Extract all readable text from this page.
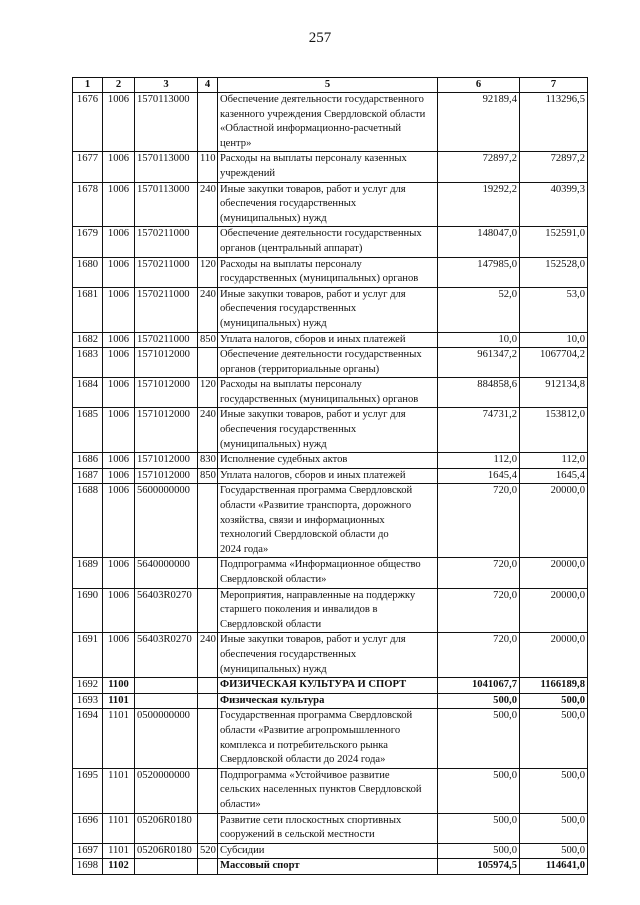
257
1	2	3	4	5	6	7
1676	1006	1570113000		Обеспечение деятельности государственного
казенного учреждения Свердловской области
«Областной информационно-расчетный
центр»	92189,4	113296,5
1677	1006	1570113000	110	Расходы на выплаты персоналу казенных
учреждений	72897,2	72897,2
1678	1006	1570113000	240	Иные закупки товаров, работ и услуг для
обеспечения государственных
(муниципальных) нужд	19292,2	40399,3
1679	1006	1570211000		Обеспечение деятельности государственных
органов (центральный аппарат)	148047,0	152591,0
1680	1006	1570211000	120	Расходы на выплаты персоналу
государственных (муниципальных) органов	147985,0	152528,0
1681	1006	1570211000	240	Иные закупки товаров, работ и услуг для
обеспечения государственных
(муниципальных) нужд	52,0	53,0
1682	1006	1570211000	850	Уплата налогов, сборов и иных платежей	10,0	10,0
1683	1006	1571012000		Обеспечение деятельности государственных
органов (территориальные органы)	961347,2	1067704,2
1684	1006	1571012000	120	Расходы на выплаты персоналу
государственных (муниципальных) органов	884858,6	912134,8
1685	1006	1571012000	240	Иные закупки товаров, работ и услуг для
обеспечения государственных
(муниципальных) нужд	74731,2	153812,0
1686	1006	1571012000	830	Исполнение судебных актов	112,0	112,0
1687	1006	1571012000	850	Уплата налогов, сборов и иных платежей	1645,4	1645,4
1688	1006	5600000000		Государственная программа Свердловской
области «Развитие транспорта, дорожного
хозяйства, связи и информационных
технологий Свердловской области до
2024 года»	720,0	20000,0
1689	1006	5640000000		Подпрограмма «Информационное общество
Свердловской области»	720,0	20000,0
1690	1006	56403R0270		Мероприятия, направленные на поддержку
старшего поколения и инвалидов в
Свердловской области	720,0	20000,0
1691	1006	56403R0270	240	Иные закупки товаров, работ и услуг для
обеспечения государственных
(муниципальных) нужд	720,0	20000,0
1692	1100			ФИЗИЧЕСКАЯ КУЛЬТУРА И СПОРТ	1041067,7	1166189,8
1693	1101			Физическая культура	500,0	500,0
1694	1101	0500000000		Государственная программа Свердловской
области «Развитие агропромышленного
комплекса и потребительского рынка
Свердловской области до 2024 года»	500,0	500,0
1695	1101	0520000000		Подпрограмма «Устойчивое развитие
сельских населенных пунктов Свердловской
области»	500,0	500,0
1696	1101	05206R0180		Развитие сети плоскостных спортивных
сооружений в сельской местности	500,0	500,0
1697	1101	05206R0180	520	Субсидии	500,0	500,0
1698	1102			Массовый спорт	105974,5	114641,0
